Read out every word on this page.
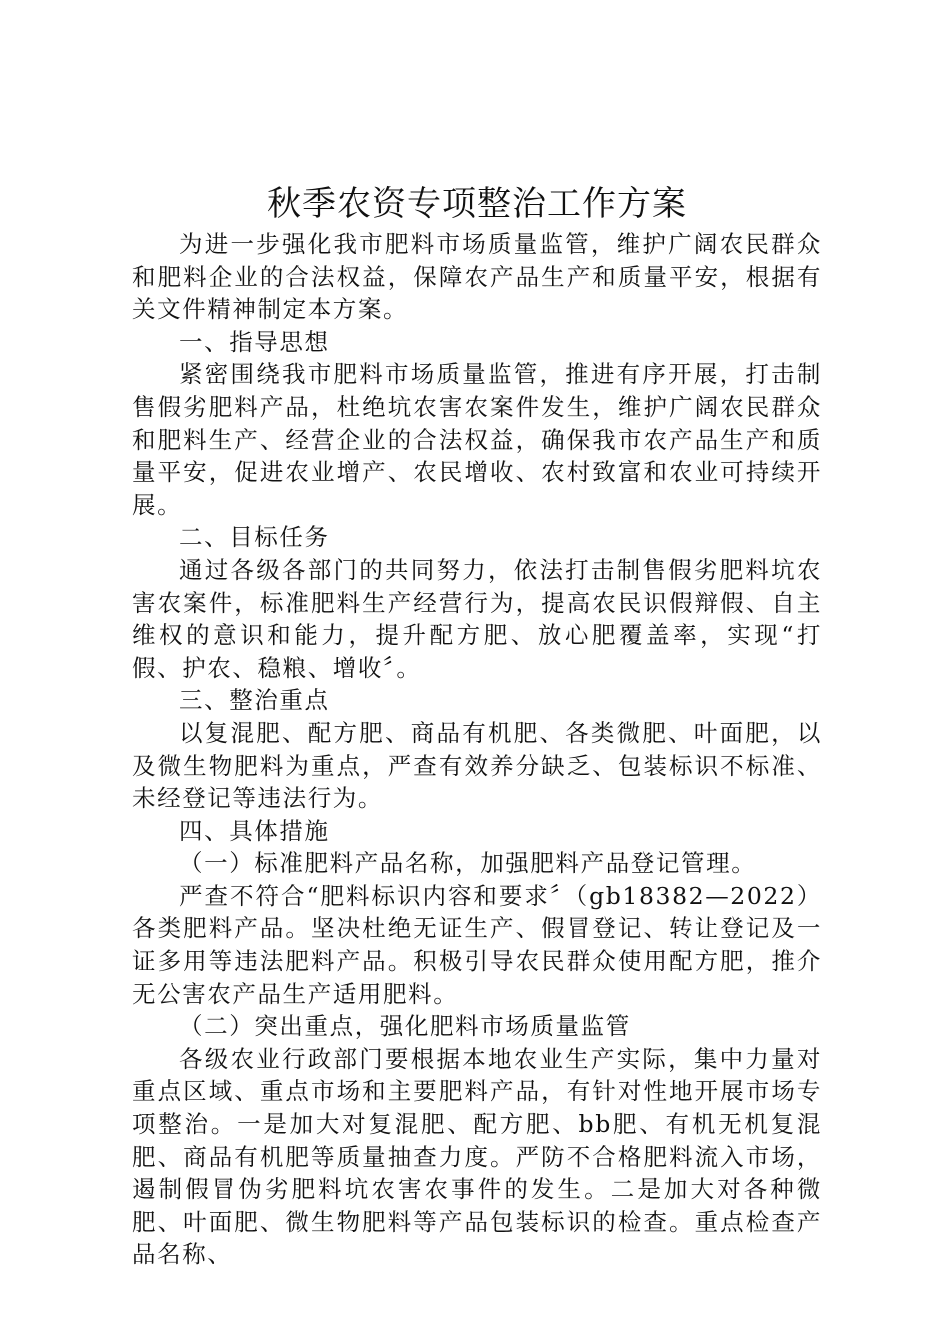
秋季农资专项整治工作方案

为进一步强化我市肥料市场质量监管，维护广阔农民群众和肥料企业的合法权益，保障农产品生产和质量平安，根据有关文件精神制定本方案。

一、指导思想

紧密围绕我市肥料市场质量监管，推进有序开展，打击制售假劣肥料产品，杜绝坑农害农案件发生，维护广阔农民群众和肥料生产、经营企业的合法权益，确保我市农产品生产和质量平安，促进农业增产、农民增收、农村致富和农业可持续开展。

二、目标任务

通过各级各部门的共同努力，依法打击制售假劣肥料坑农害农案件，标准肥料生产经营行为，提高农民识假辩假、自主维权的意识和能力，提升配方肥、放心肥覆盖率，实现“打假、护农、稳粮、增收〞。

三、整治重点

以复混肥、配方肥、商品有机肥、各类微肥、叶面肥，以及微生物肥料为重点，严查有效养分缺乏、包装标识不标准、未经登记等违法行为。

四、具体措施

（一）标准肥料产品名称，加强肥料产品登记管理。

严查不符合“肥料标识内容和要求〞（gb18382—2022）各类肥料产品。坚决杜绝无证生产、假冒登记、转让登记及一证多用等违法肥料产品。积极引导农民群众使用配方肥，推介无公害农产品生产适用肥料。

（二）突出重点，强化肥料市场质量监管

各级农业行政部门要根据本地农业生产实际，集中力量对重点区域、重点市场和主要肥料产品，有针对性地开展市场专项整治。一是加大对复混肥、配方肥、bb肥、有机无机复混肥、商品有机肥等质量抽查力度。严防不合格肥料流入市场，遏制假冒伪劣肥料坑农害农事件的发生。二是加大对各种微肥、叶面肥、微生物肥料等产品包装标识的检查。重点检查产品名称、
